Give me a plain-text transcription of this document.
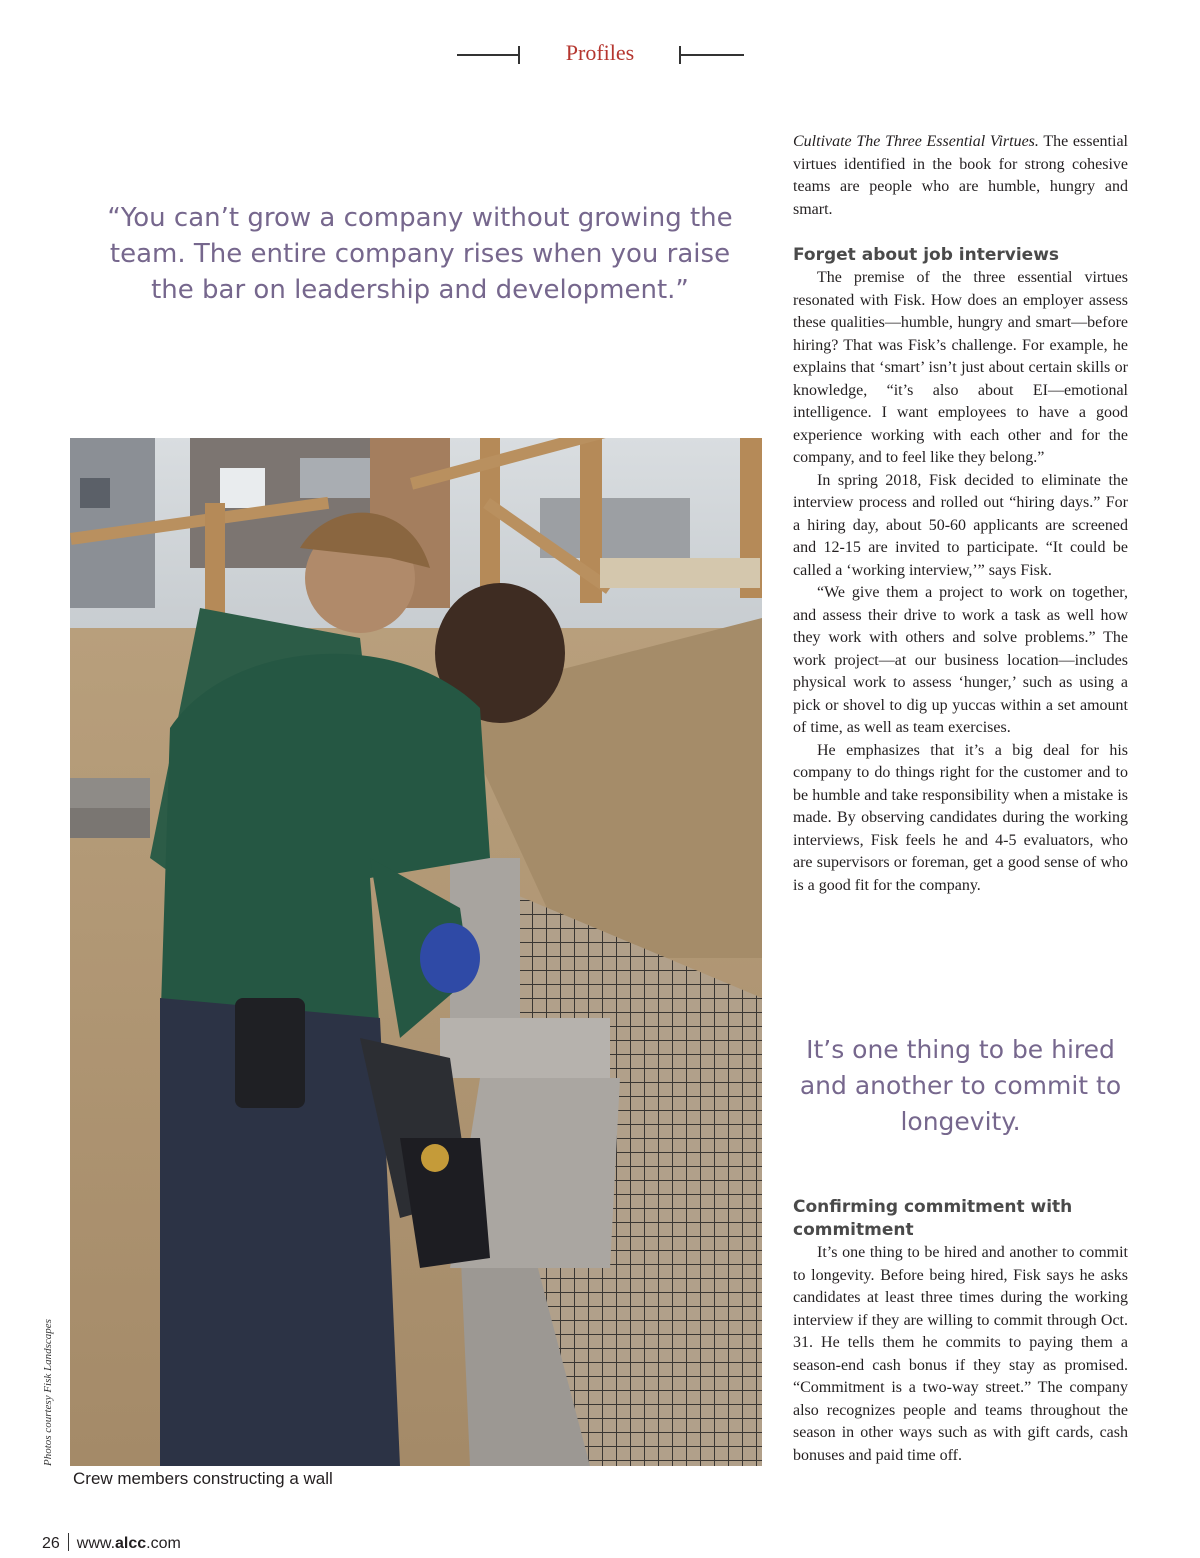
Profiles
“You can’t grow a company without growing the team. The entire company rises when you raise the bar on leadership and development.”
Photos courtesy Fisk Landscapes
Crew members constructing a wall

Cultivate The Three Essential Virtues. The essential virtues identified in the book for strong cohesive teams are people who are humble, hungry and smart.

Forget about job interviews

The premise of the three essential virtues resonated with Fisk. How does an employer assess these qualities—humble, hungry and smart—before hiring? That was Fisk’s challenge. For example, he explains that ‘smart’ isn’t just about certain skills or knowledge, “it’s also about EI—emotional intelligence. I want employees to have a good experience working with each other and for the company, and to feel like they belong.”

In spring 2018, Fisk decided to eliminate the interview process and rolled out “hiring days.” For a hiring day, about 50-60 applicants are screened and 12-15 are invited to participate. “It could be called a ‘working interview,’” says Fisk.

“We give them a project to work on together, and assess their drive to work a task as well how they work with others and solve problems.” The work project—at our business location—includes physical work to assess ‘hunger,’ such as using a pick or shovel to dig up yuccas within a set amount of time, as well as team exercises.

He emphasizes that it’s a big deal for his company to do things right for the customer and to be humble and take responsibility when a mistake is made. By observing candidates during the working interviews, Fisk feels he and 4-5 evaluators, who are supervisors or foreman, get a good sense of who is a good fit for the company.

It’s one thing to be hired and another to commit to longevity.
Confirming commitment with commitment

It’s one thing to be hired and another to commit to longevity. Before being hired, Fisk says he asks candidates at least three times during the working interview if they are willing to commit through Oct. 31. He tells them he commits to paying them a season-end cash bonus if they stay as promised. “Commitment is a two-way street.” The company also recognizes people and teams throughout the season in other ways such as with gift cards, cash bonuses and paid time off.

26 www.alcc.com
